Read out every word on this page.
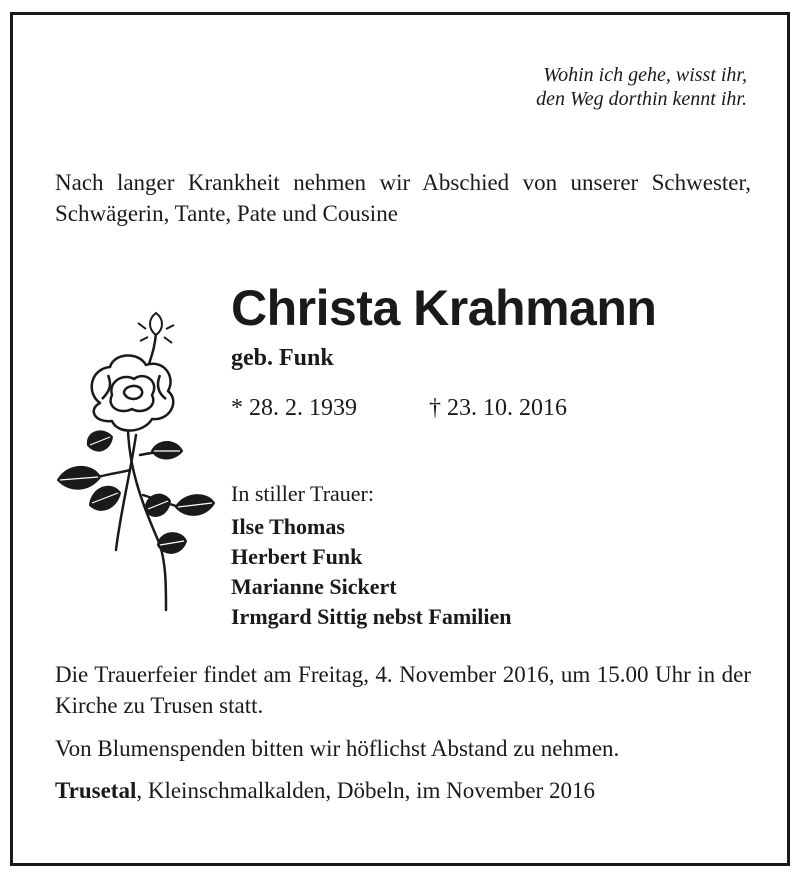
Wohin ich gehe, wisst ihr,
den Weg dorthin kennt ihr.
Nach langer Krankheit nehmen wir Abschied von unserer Schwester, Schwägerin, Tante, Pate und Cousine
Christa Krahmann
geb. Funk
* 28. 2. 1939	† 23. 10. 2016
In stiller Trauer:
Ilse Thomas
Herbert Funk
Marianne Sickert
Irmgard Sittig nebst Familien
Die Trauerfeier findet am Freitag, 4. November 2016, um 15.00 Uhr in der Kirche zu Trusen statt.
Von Blumenspenden bitten wir höflichst Abstand zu nehmen.
Trusetal, Kleinschmalkalden, Döbeln, im November 2016
